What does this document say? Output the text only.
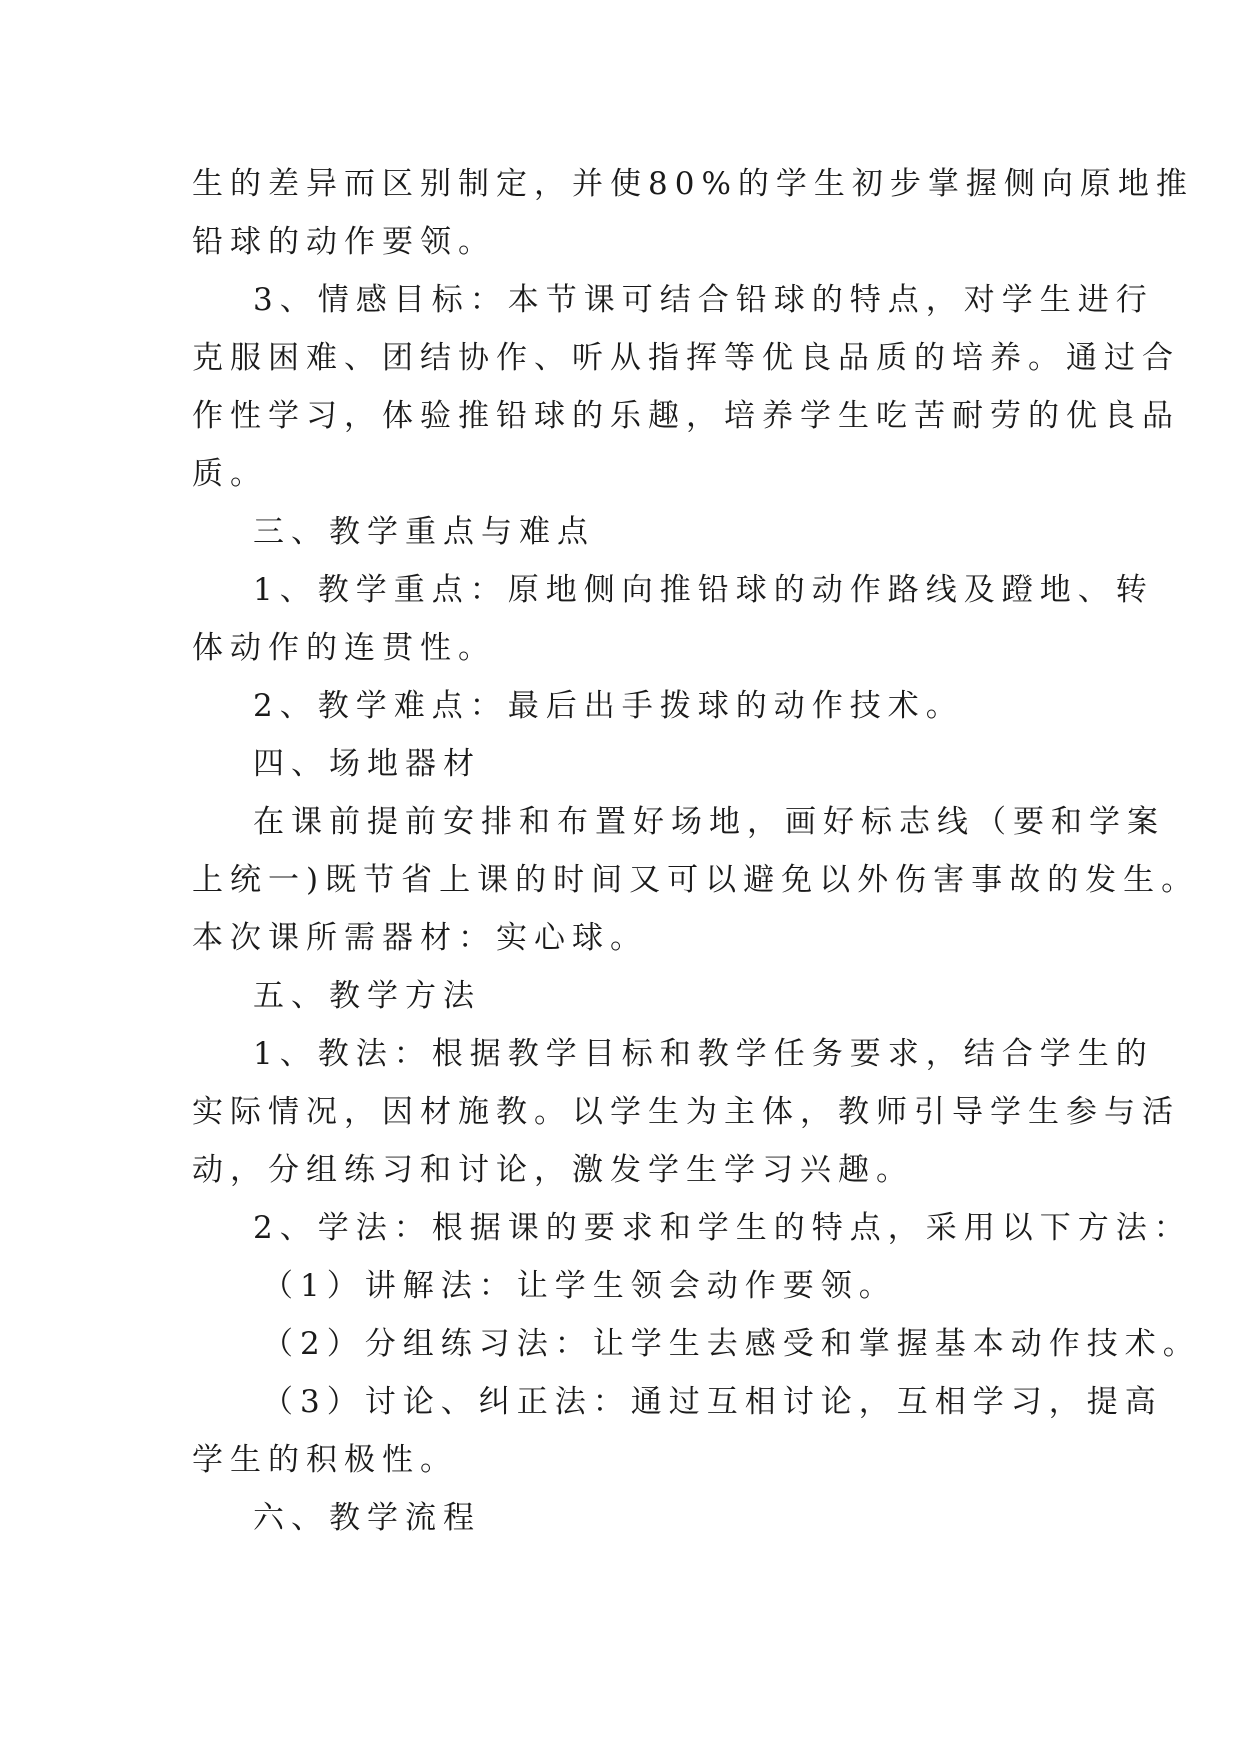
生的差异而区别制定，并使80%的学生初步掌握侧向原地推
铅球的动作要领。
3、情感目标：本节课可结合铅球的特点，对学生进行
克服困难、团结协作、听从指挥等优良品质的培养。通过合
作性学习，体验推铅球的乐趣，培养学生吃苦耐劳的优良品
质。
三、教学重点与难点
1、教学重点：原地侧向推铅球的动作路线及蹬地、转
体动作的连贯性。
2、教学难点：最后出手拨球的动作技术。
四、场地器材
在课前提前安排和布置好场地，画好标志线（要和学案
上统一)既节省上课的时间又可以避免以外伤害事故的发生。
本次课所需器材：实心球。
五、教学方法
1、教法：根据教学目标和教学任务要求，结合学生的
实际情况，因材施教。以学生为主体，教师引导学生参与活
动，分组练习和讨论，激发学生学习兴趣。
2、学法：根据课的要求和学生的特点，采用以下方法：
（1）讲解法：让学生领会动作要领。
（2）分组练习法：让学生去感受和掌握基本动作技术。
（3）讨论、纠正法：通过互相讨论，互相学习，提高
学生的积极性。
六、教学流程
